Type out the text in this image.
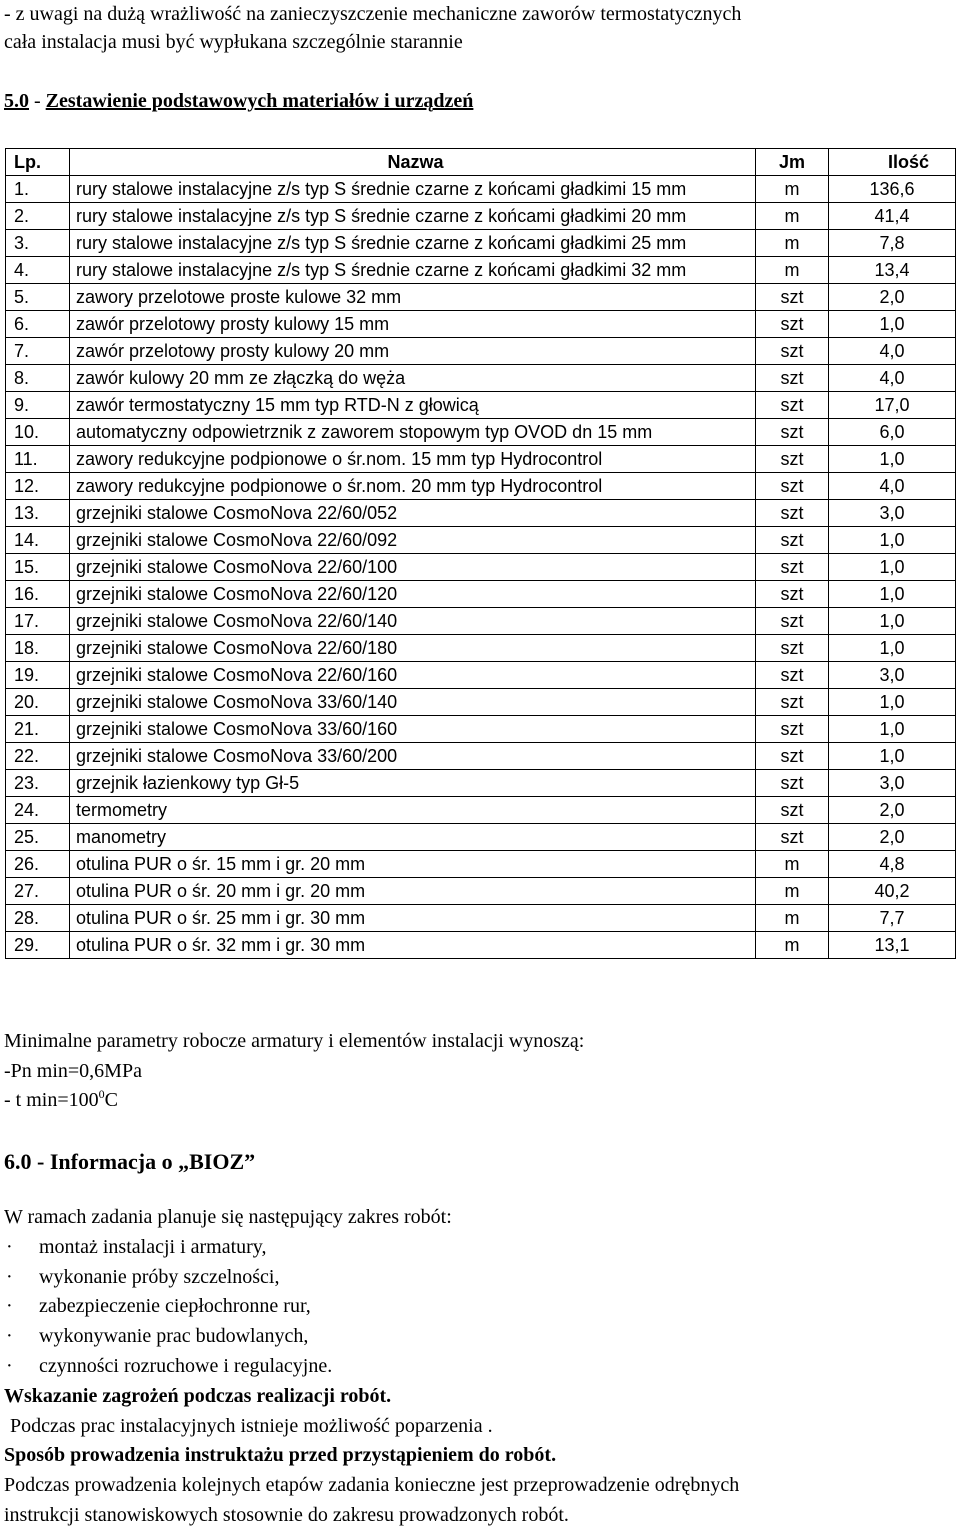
- z uwagi na dużą wrażliwość na zanieczyszczenie mechaniczne zaworów termostatycznych
cała instalacja musi być wypłukana szczególnie starannie
5.0 - Zestawienie podstawowych materiałów i urządzeń
Lp.	Nazwa	Jm	Ilość
1.	rury stalowe instalacyjne z/s typ S średnie czarne z końcami gładkimi 15 mm	m	136,6
2.	rury stalowe instalacyjne z/s typ S średnie czarne z końcami gładkimi 20 mm	m	41,4
3.	rury stalowe instalacyjne z/s typ S średnie czarne z końcami gładkimi 25 mm	m	7,8
4.	rury stalowe instalacyjne z/s typ S średnie czarne z końcami gładkimi 32 mm	m	13,4
5.	zawory przelotowe proste kulowe 32 mm	szt	2,0
6.	zawór przelotowy prosty kulowy 15 mm	szt	1,0
7.	zawór przelotowy prosty kulowy 20 mm	szt	4,0
8.	zawór kulowy 20 mm ze złączką do węża	szt	4,0
9.	zawór termostatyczny 15 mm typ RTD-N z głowicą	szt	17,0
10.	automatyczny odpowietrznik z zaworem stopowym typ OVOD dn 15 mm	szt	6,0
11.	zawory redukcyjne podpionowe o śr.nom. 15 mm typ Hydrocontrol	szt	1,0
12.	zawory redukcyjne podpionowe o śr.nom. 20 mm typ Hydrocontrol	szt	4,0
13.	grzejniki stalowe CosmoNova 22/60/052	szt	3,0
14.	grzejniki stalowe CosmoNova 22/60/092	szt	1,0
15.	grzejniki stalowe CosmoNova 22/60/100	szt	1,0
16.	grzejniki stalowe CosmoNova 22/60/120	szt	1,0
17.	grzejniki stalowe CosmoNova 22/60/140	szt	1,0
18.	grzejniki stalowe CosmoNova 22/60/180	szt	1,0
19.	grzejniki stalowe CosmoNova 22/60/160	szt	3,0
20.	grzejniki stalowe CosmoNova 33/60/140	szt	1,0
21.	grzejniki stalowe CosmoNova 33/60/160	szt	1,0
22.	grzejniki stalowe CosmoNova 33/60/200	szt	1,0
23.	grzejnik łazienkowy typ Gł-5	szt	3,0
24.	termometry	szt	2,0
25.	manometry	szt	2,0
26.	otulina PUR o śr. 15 mm i gr. 20 mm	m	4,8
27.	otulina PUR o śr. 20 mm i gr. 20 mm	m	40,2
28.	otulina PUR o śr. 25 mm i gr. 30 mm	m	7,7
29.	otulina PUR o śr. 32 mm i gr. 30 mm	m	13,1
Minimalne parametry robocze armatury i elementów instalacji wynoszą:
-Pn min=0,6MPa
- t $\min=100^0C$
6.0 - Informacja o „BIOZ”
W ramach zadania planuje się następujący zakres robót:
· montaż instalacji i armatury,
· wykonanie próby szczelności,
· zabezpieczenie ciepłochronne rur,
· wykonywanie prac budowlanych,
· czynności rozruchowe i regulacyjne.
Wskazanie zagrożeń podczas realizacji robót.
Podczas prac instalacyjnych istnieje możliwość poparzenia .
Sposób prowadzenia instruktażu przed przystąpieniem do robót.
Podczas prowadzenia kolejnych etapów zadania konieczne jest przeprowadzenie odrębnych
instrukcji stanowiskowych stosownie do zakresu prowadzonych robót.
